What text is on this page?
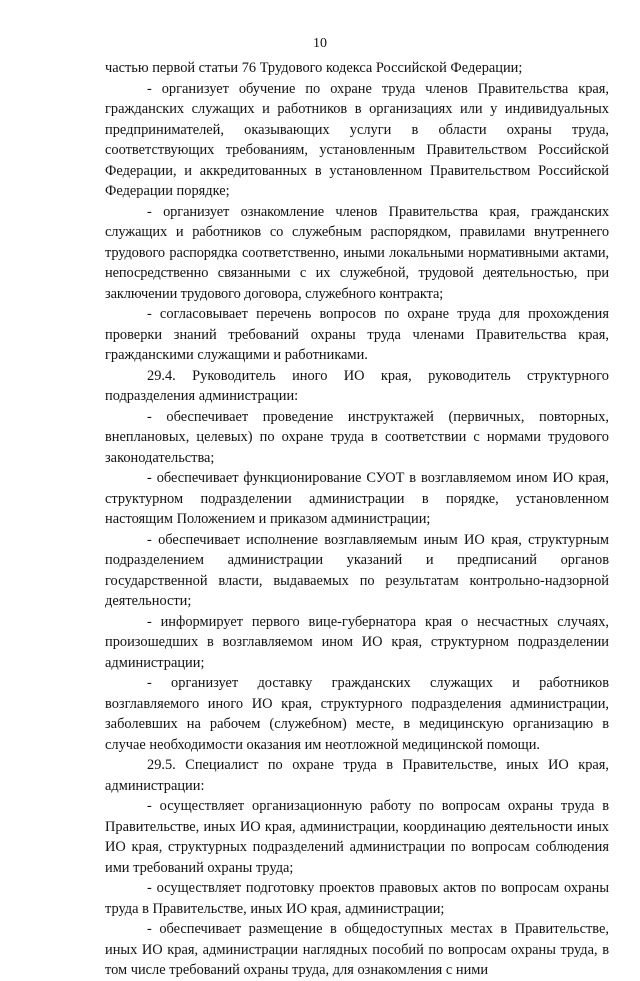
10

частью первой статьи 76 Трудового кодекса Российской Федерации;

- организует обучение по охране труда членов Правительства края, гражданских служащих и работников в организациях или у индивидуальных предпринимателей, оказывающих услуги в области охраны труда, соответствующих требованиям, установленным Правительством Российской Федерации, и аккредитованных в установленном Правительством Российской Федерации порядке;

- организует ознакомление членов Правительства края, гражданских служащих и работников со служебным распорядком, правилами внутреннего трудового распорядка соответственно, иными локальными нормативными актами, непосредственно связанными с их служебной, трудовой деятельностью, при заключении трудового договора, служебного контракта;

- согласовывает перечень вопросов по охране труда для прохождения проверки знаний требований охраны труда членами Правительства края, гражданскими служащими и работниками.

29.4. Руководитель иного ИО края, руководитель структурного подразделения администрации:

- обеспечивает проведение инструктажей (первичных, повторных, внеплановых, целевых) по охране труда в соответствии с нормами трудового законодательства;

- обеспечивает функционирование СУОТ в возглавляемом ином ИО края, структурном подразделении администрации в порядке, установленном настоящим Положением и приказом администрации;

- обеспечивает исполнение возглавляемым иным ИО края, структурным подразделением администрации указаний и предписаний органов государственной власти, выдаваемых по результатам контрольно-надзорной деятельности;

- информирует первого вице-губернатора края о несчастных случаях, произошедших в возглавляемом ином ИО края, структурном подразделении администрации;

- организует доставку гражданских служащих и работников возглавляемого иного ИО края, структурного подразделения администрации, заболевших на рабочем (служебном) месте, в медицинскую организацию в случае необходимости оказания им неотложной медицинской помощи.

29.5. Специалист по охране труда в Правительстве, иных ИО края, администрации:

- осуществляет организационную работу по вопросам охраны труда в Правительстве, иных ИО края, администрации, координацию деятельности иных ИО края, структурных подразделений администрации по вопросам соблюдения ими требований охраны труда;

- осуществляет подготовку проектов правовых актов по вопросам охраны труда в Правительстве, иных ИО края, администрации;

- обеспечивает размещение в общедоступных местах в Правительстве, иных ИО края, администрации наглядных пособий по вопросам охраны труда, в том числе требований охраны труда, для ознакомления с ними
